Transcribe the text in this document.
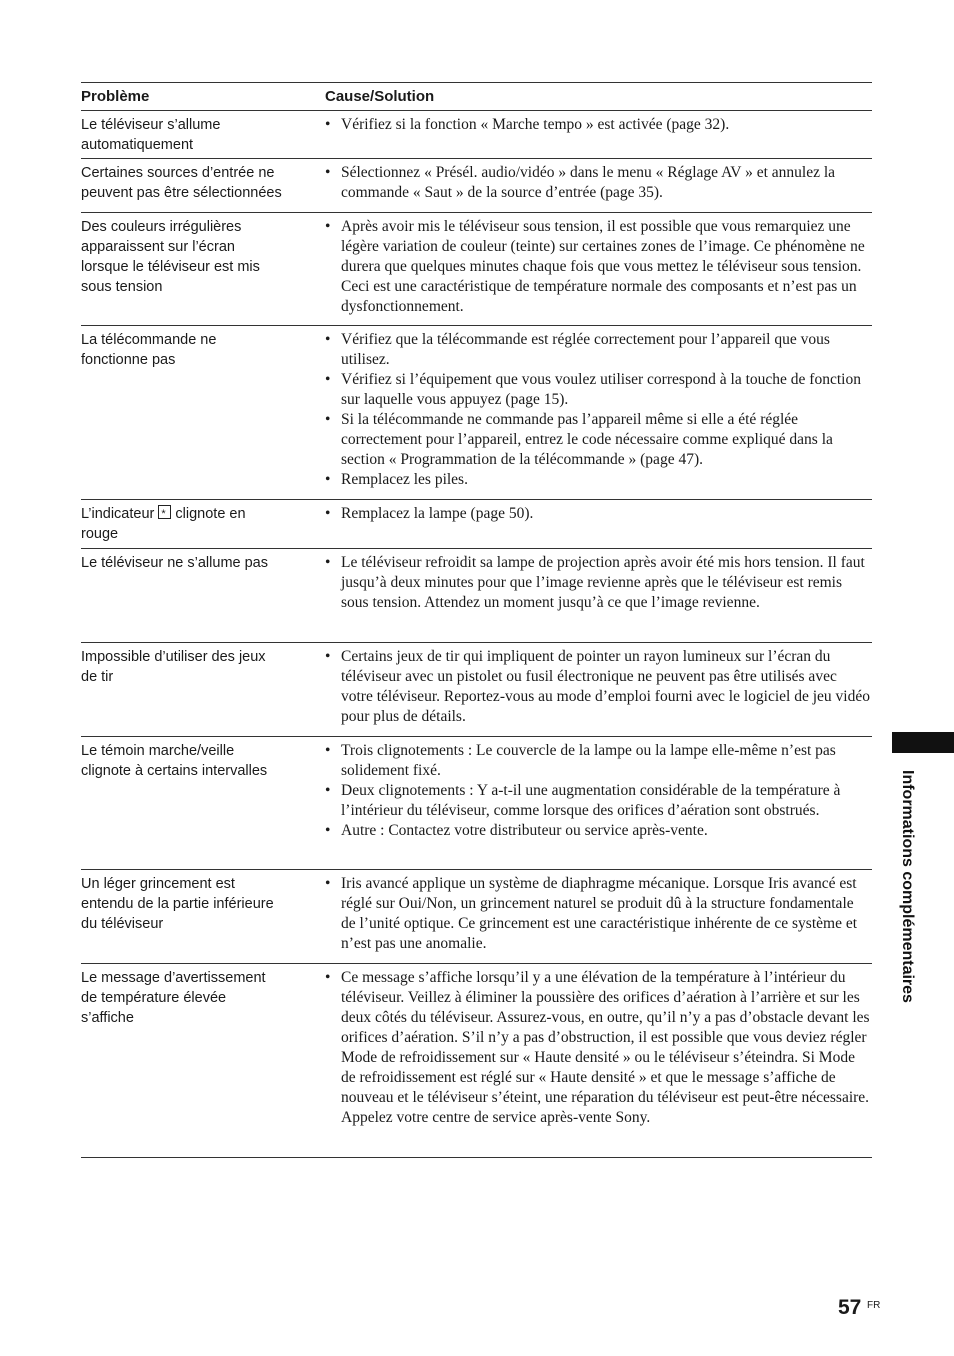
Problème	Cause/Solution
Le téléviseur s’allume
automatiquement
• Vérifiez si la fonction « Marche tempo » est activée (page 32).
Certaines sources d’entrée ne
peuvent pas être sélectionnées
• Sélectionnez « Présél. audio/vidéo » dans le menu « Réglage AV » et annulez la commande « Saut » de la source d’entrée (page 35).
Des couleurs irrégulières
apparaissent sur l’écran
lorsque le téléviseur est mis
sous tension
• Après avoir mis le téléviseur sous tension, il est possible que vous remarquiez une légère variation de couleur (teinte) sur certaines zones de l’image. Ce phénomène ne durera que quelques minutes chaque fois que vous mettez le téléviseur sous tension. Ceci est une caractéristique de température normale des composants et n’est pas un dysfonctionnement.
La télécommande ne
fonctionne pas
• Vérifiez que la télécommande est réglée correctement pour l’appareil que vous utilisez.
• Vérifiez si l’équipement que vous voulez utiliser correspond à la touche de fonction sur laquelle vous appuyez (page 15).
• Si la télécommande ne commande pas l’appareil même si elle a été réglée correctement pour l’appareil, entrez le code nécessaire comme expliqué dans la section « Programmation de la télécommande » (page 47).
• Remplacez les piles.
L’indicateur * clignote en
rouge
• Remplacez la lampe (page 50).
Le téléviseur ne s’allume pas
•	Le téléviseur refroidit sa lampe de projection après avoir été mis hors tension. Il faut jusqu’à deux minutes pour que l’image revienne après que le téléviseur est remis sous tension. Attendez un moment jusqu’à ce que l’image revienne.
Impossible d’utiliser des jeux
de tir
• Certains jeux de tir qui impliquent de pointer un rayon lumineux sur l’écran du téléviseur avec un pistolet ou fusil électronique ne peuvent pas être utilisés avec votre téléviseur. Reportez-vous au mode d’emploi fourni avec le logiciel de jeu vidéo pour plus de détails.
Le témoin marche/veille
clignote à certains intervalles
• Trois clignotements : Le couvercle de la lampe ou la lampe elle-même n’est pas solidement fixé.
• Deux clignotements : Y a-t-il une augmentation considérable de la température à l’intérieur du téléviseur, comme lorsque des orifices d’aération sont obstrués.
• Autre : Contactez votre distributeur ou service après-vente.
Un léger grincement est
entendu de la partie inférieure
du téléviseur
• Iris avancé applique un système de diaphragme mécanique. Lorsque Iris avancé est réglé sur Oui/Non, un grincement naturel se produit dû à la structure fondamentale de l’unité optique. Ce grincement est une caractéristique inhérente de ce système et n’est pas une anomalie.
Le message d’avertissement
de température élevée
s’affiche
• Ce message s’affiche lorsqu’il y a une élévation de la température à l’intérieur du téléviseur. Veillez à éliminer la poussière des orifices d’aération à l’arrière et sur les deux côtés du téléviseur. Assurez-vous, en outre, qu’il n’y a pas d’obstacle devant les orifices d’aération. S’il n’y a pas d’obstruction, il est possible que vous deviez régler Mode de refroidissement sur « Haute densité » ou le téléviseur s’éteindra. Si Mode de refroidissement est réglé sur « Haute densité » et que le message s’affiche de nouveau et le téléviseur s’éteint, une réparation du téléviseur est peut-être nécessaire. Appelez votre centre de service après-vente Sony.
Informations complémentaires
57 FR
